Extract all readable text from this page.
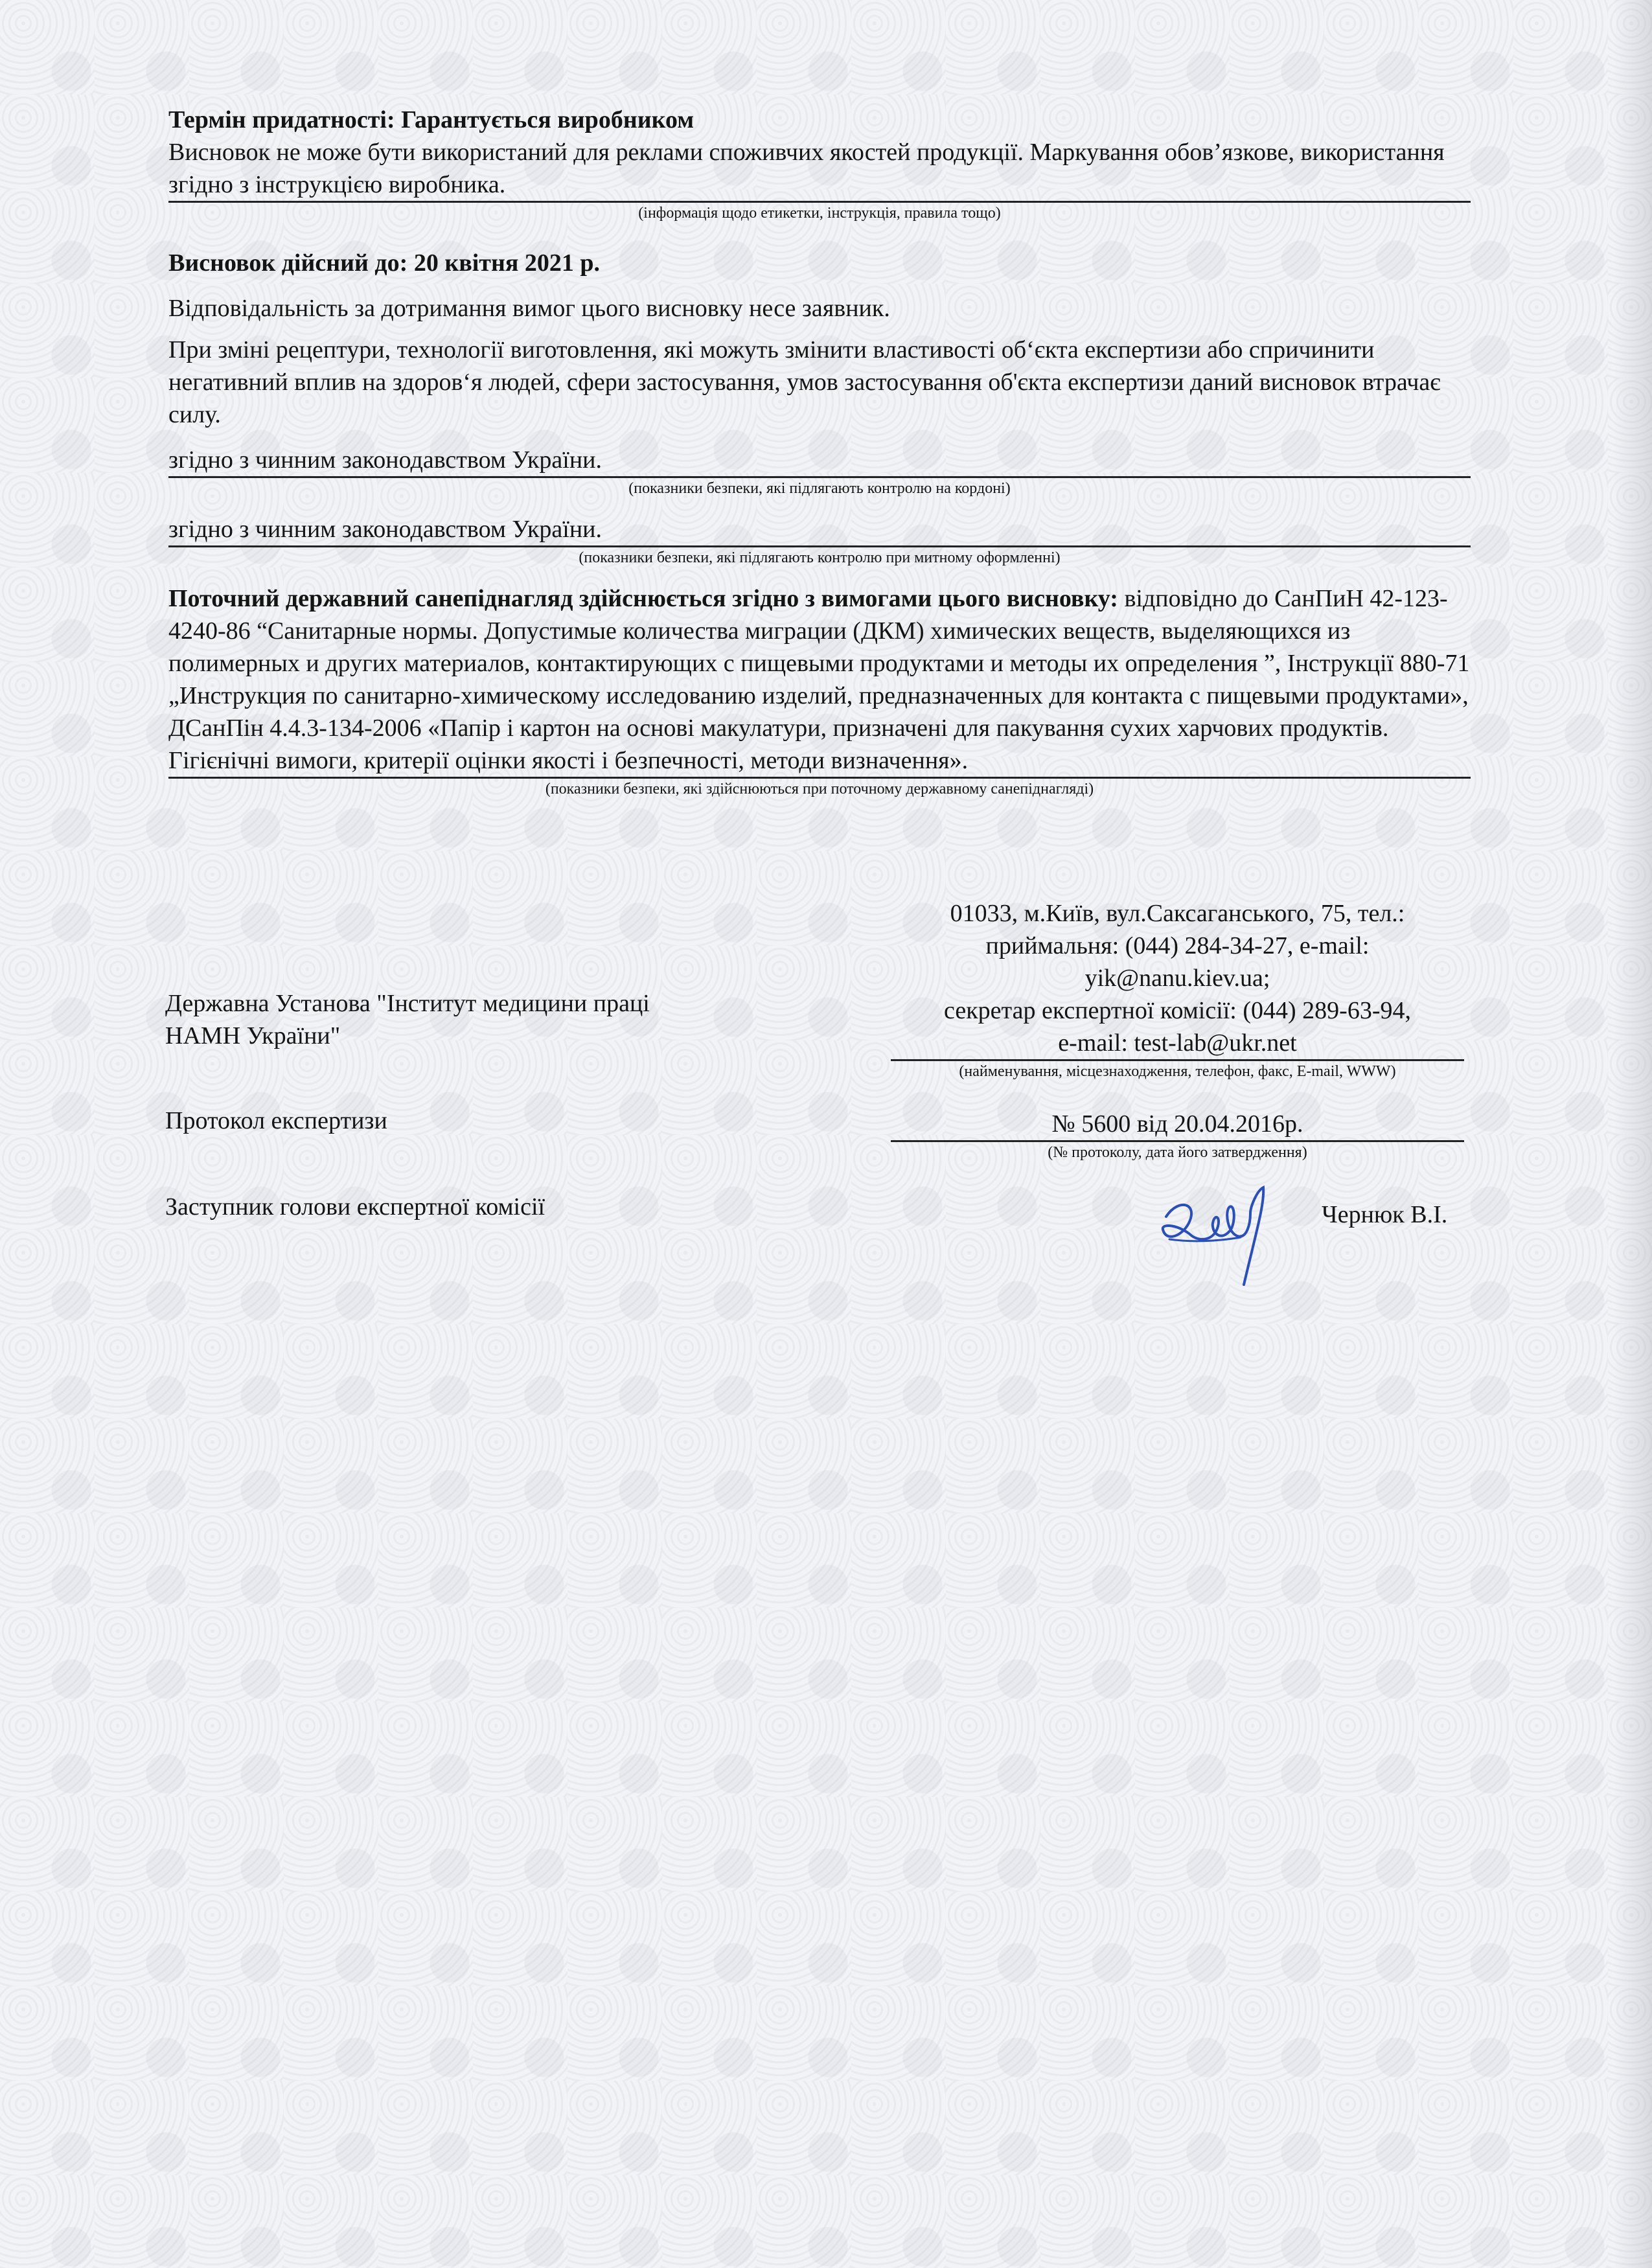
Термін придатності: Гарантується виробником

Висновок не може бути використаний для реклами споживчих якостей продукції. Маркування обов’язкове, використання згідно з інструкцією виробника.

(інформація щодо етикетки, інструкція, правила тощо)

Висновок дійсний до: 20 квітня 2021 р.

Відповідальність за дотримання вимог цього висновку несе заявник.

При зміні рецептури, технології виготовлення, які можуть змінити властивості об‘єкта експертизи або спричинити негативний вплив на здоров‘я людей, сфери застосування, умов застосування об'єкта експертизи даний висновок втрачає силу.

згідно з чинним законодавством України.

(показники безпеки, які підлягають контролю на кордоні)

згідно з чинним законодавством України.

(показники безпеки, які підлягають контролю при митному оформленні)

Поточний державний санепіднагляд здійснюється згідно з вимогами цього висновку: відповідно до СанПиН 42-123-4240-86 “Санитарные нормы. Допустимые количества миграции (ДКМ) химических веществ, выделяющихся из полимерных и других материалов, контактирующих с пищевыми продуктами и методы их определения ”, Інструкції 880-71 „Инструкция по санитарно-химическому исследованию изделий, предназначенных для контакта с пищевыми продуктами», ДСанПін 4.4.3-134-2006 «Папір і картон на основі макулатури, призначені для пакування сухих харчових продуктів. Гігієнічні вимоги, критерії оцінки якості і безпечності, методи визначення».

(показники безпеки, які здійснюються при поточному державному санепіднагляді)

Державна Установа "Інститут медицини праці

НАМН України"

01033, м.Київ, вул.Саксаганського, 75, тел.:

приймальня: (044) 284-34-27, e-mail:

yik@nanu.kiev.ua;

секретар експертної комісії: (044) 289-63-94,

e-mail: test-lab@ukr.net

(найменування, місцезнаходження, телефон, факс, E-mail, WWW)

Протокол експертизи	№ 5600 від 20.04.2016р.

(№ протоколу, дата його затвердження)

Заступник голови експертної комісії	Чернюк В.І.
